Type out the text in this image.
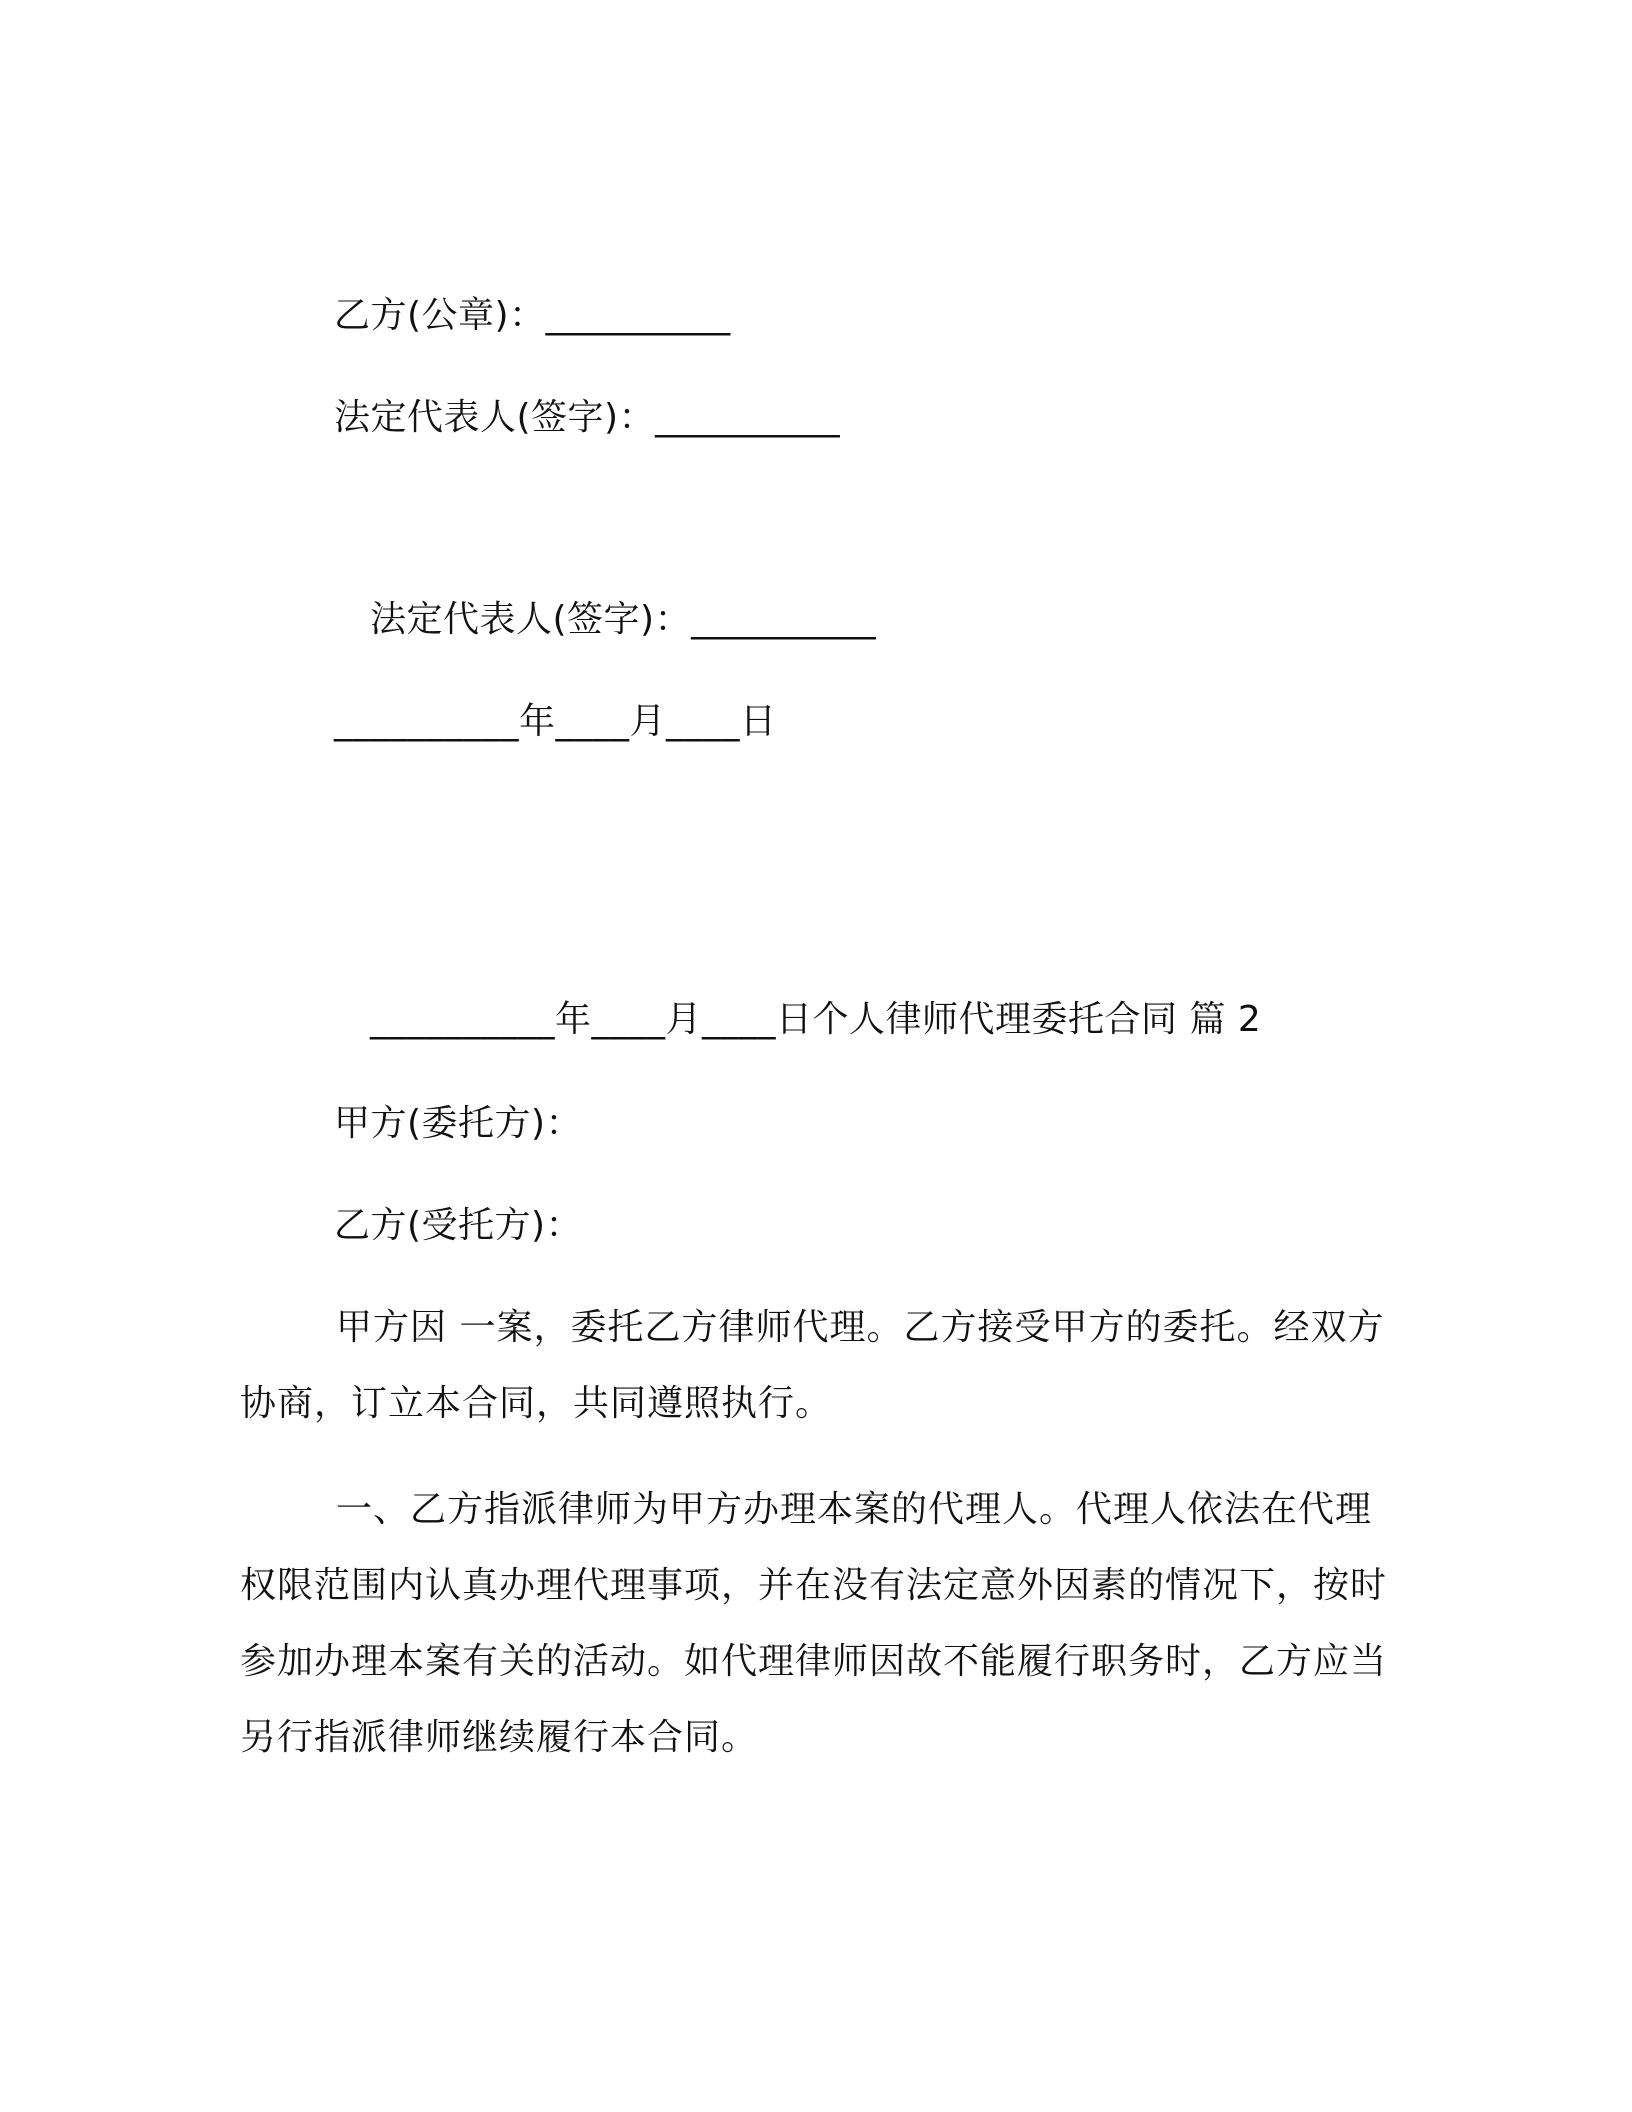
乙方(公章)：__________
法定代表人(签字)：__________
法定代表人(签字)：__________
__________年____月____日
__________年____月____日个人律师代理委托合同 篇 2
甲方(委托方)：
乙方(受托方)：
甲方因 一案，委托乙方律师代理。乙方接受甲方的委托。经双方协商，订立本合同，共同遵照执行。
一、乙方指派律师为甲方办理本案的代理人。代理人依法在代理权限范围内认真办理代理事项，并在没有法定意外因素的情况下，按时参加办理本案有关的活动。如代理律师因故不能履行职务时，乙方应当另行指派律师继续履行本合同。
